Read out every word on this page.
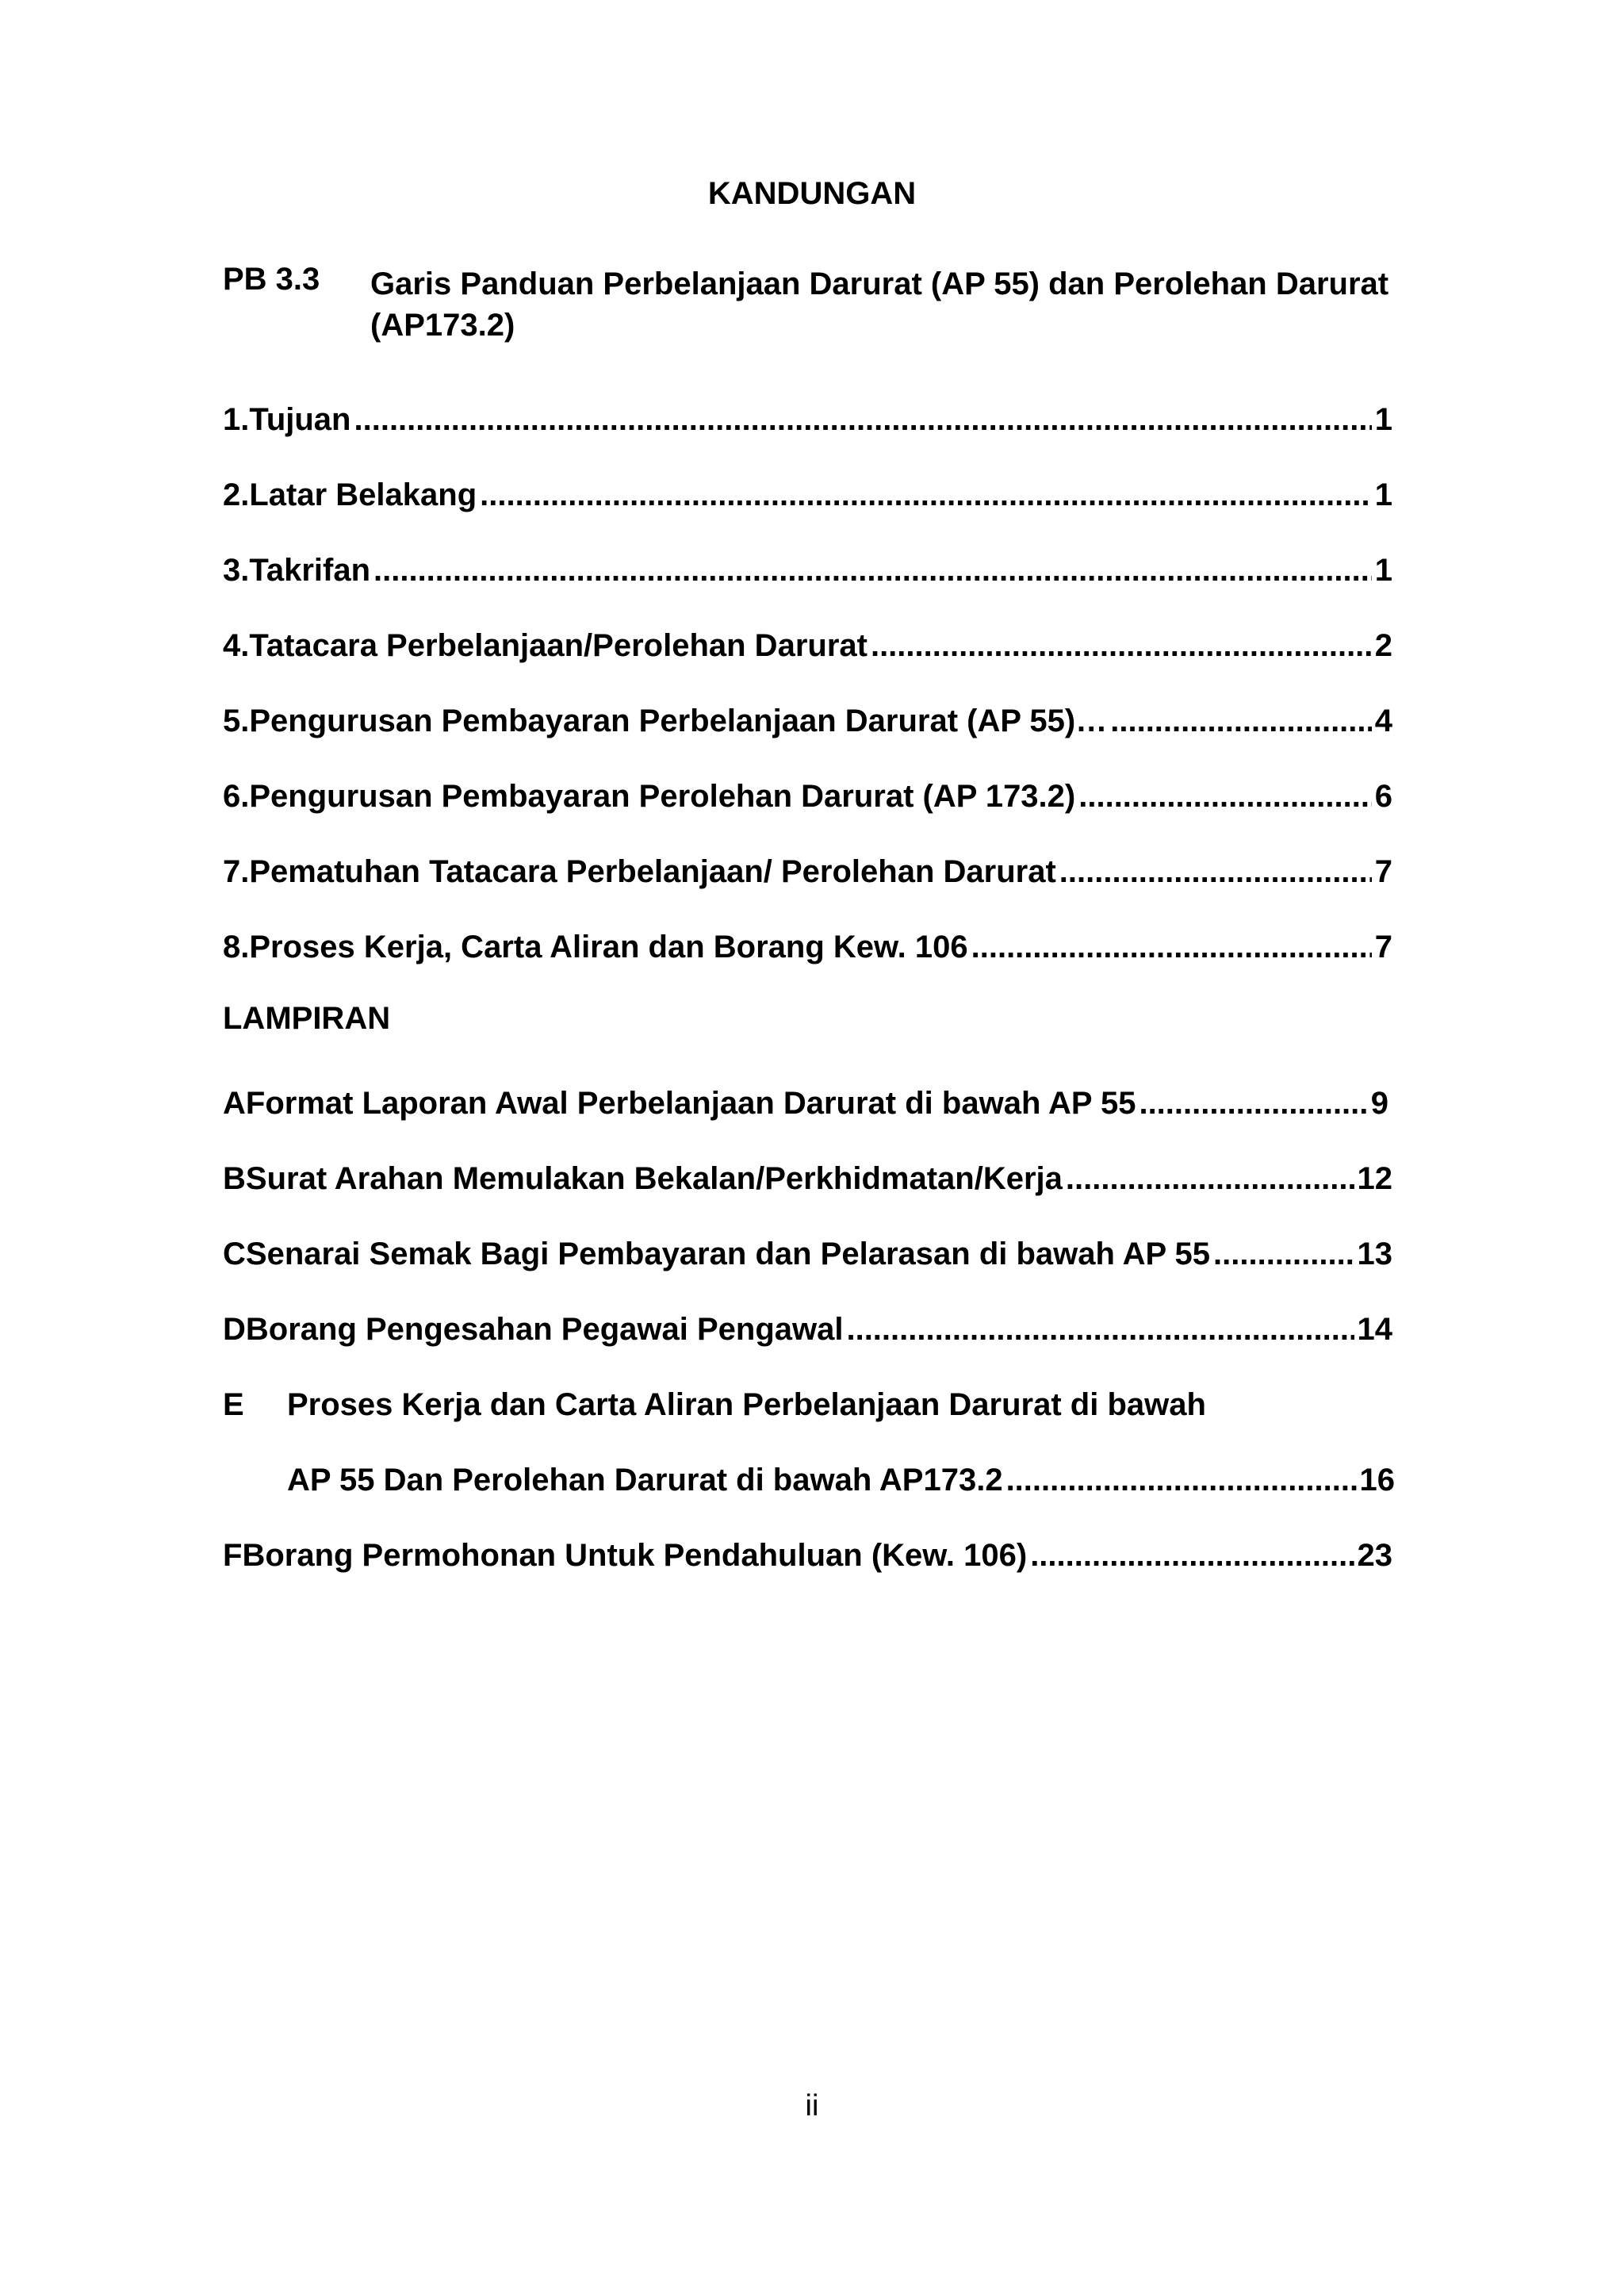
KANDUNGAN
PB 3.3 Garis Panduan Perbelanjaan Darurat (AP 55) dan Perolehan Darurat (AP173.2)
1. Tujuan .....	1
2. Latar Belakang .....	1
3. Takrifan .....	1
4. Tatacara Perbelanjaan/Perolehan Darurat .....	2
5. Pengurusan Pembayaran Perbelanjaan Darurat (AP 55)… .....	4
6. Pengurusan Pembayaran Perolehan Darurat (AP 173.2) .....	6
7. Pematuhan Tatacara Perbelanjaan/ Perolehan Darurat .....	7
8. Proses Kerja, Carta Aliran dan Borang Kew. 106 .....	7
LAMPIRAN
A Format Laporan Awal Perbelanjaan Darurat di bawah AP 55 .....	9
B Surat Arahan Memulakan Bekalan/Perkhidmatan/Kerja .....	12
C Senarai Semak Bagi Pembayaran dan Pelarasan di bawah AP 55 .....	13
D Borang Pengesahan Pegawai Pengawal .....	14
E	Proses Kerja dan Carta Aliran Perbelanjaan Darurat di bawah
AP 55 Dan Perolehan Darurat di bawah AP173.2 .....	16
F Borang Permohonan Untuk Pendahuluan (Kew. 106) .....	23
ii
